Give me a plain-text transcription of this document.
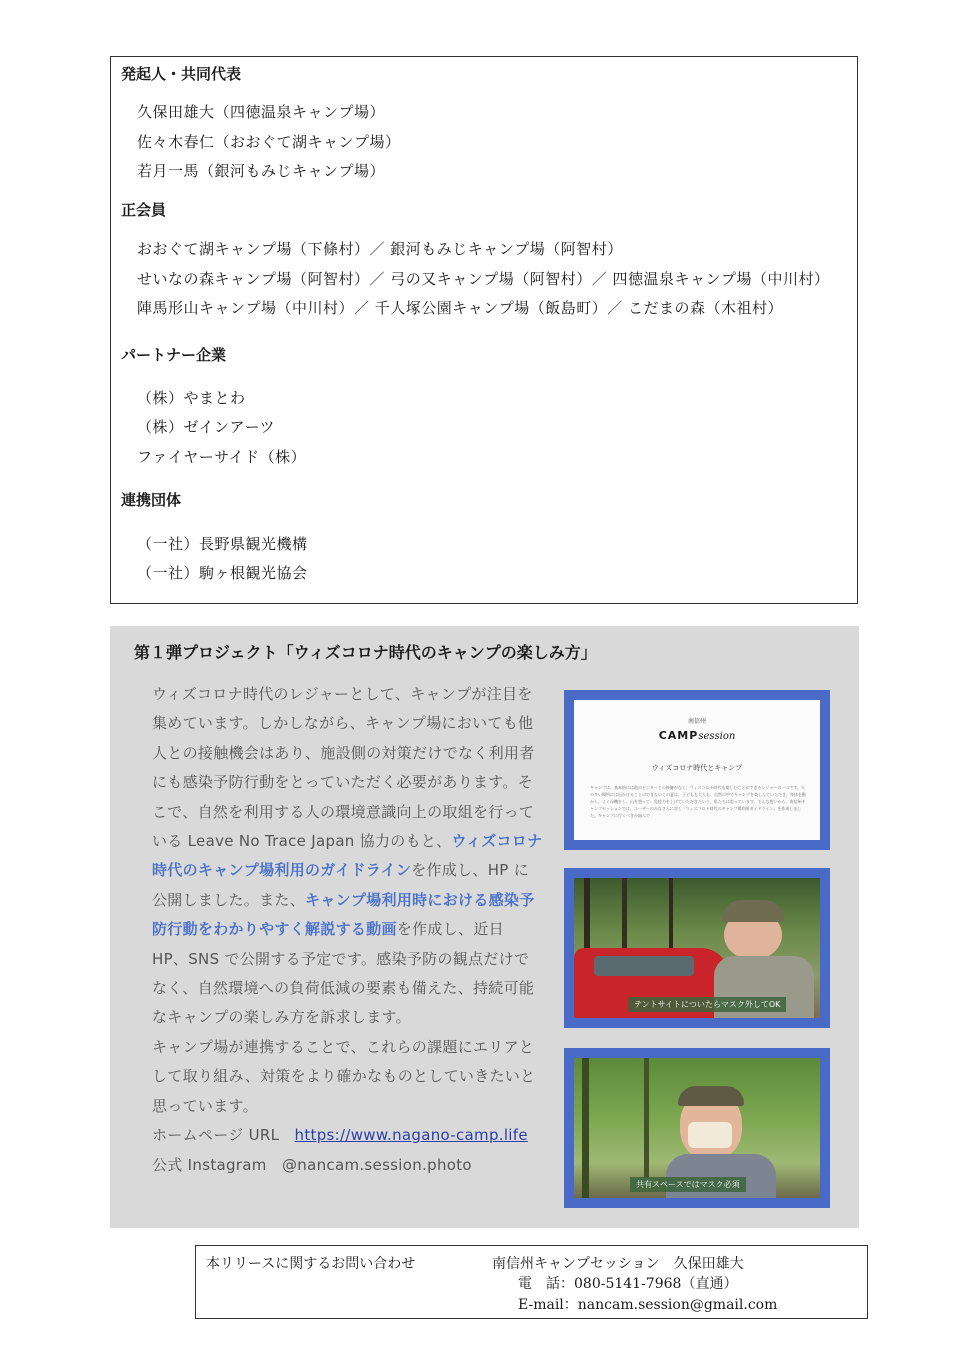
発起人・共同代表
久保田雄大（四徳温泉キャンプ場）
佐々木春仁（おおぐて湖キャンプ場）
若月一馬（銀河もみじキャンプ場）
正会員
おおぐて湖キャンプ場（下條村）／ 銀河もみじキャンプ場（阿智村）
せいなの森キャンプ場（阿智村）／ 弓の又キャンプ場（阿智村）／ 四徳温泉キャンプ場（中川村）
陣馬形山キャンプ場（中川村）／ 千人塚公園キャンプ場（飯島町）／ こだまの森（木祖村）
パートナー企業
（株）やまとわ
（株）ゼインアーツ
ファイヤーサイド（株）
連携団体
（一社）長野県観光機構
（一社）駒ヶ根観光協会
第１弾プロジェクト「ウィズコロナ時代のキャンプの楽しみ方」

ウィズコロナ時代のレジャーとして、キャンプが注目を集めています。しかしながら、キャンプ場においても他人との接触機会はあり、施設側の対策だけでなく利用者にも感染予防行動をとっていただく必要があります。そこで、自然を利用する人の環境意識向上の取組を行っている Leave No Trace Japan 協力のもと、ウィズコロナ時代のキャンプ場利用のガイドラインを作成し、HP に公開しました。また、キャンプ場利用時における感染予防行動をわかりやすく解説する動画を作成し、近日 HP、SNS で公開する予定です。感染予防の観点だけでなく、自然環境への負荷低減の要素も備えた、持続可能なキャンプの楽しみ方を訴求します。

キャンプ場が連携することで、これらの課題にエリアとして取り組み、対策をより確かなものとしていきたいと思っています。

ホームページ URL　 https://www.nagano-camp.life

公式 Instagram　 @nancam.session.photo

南信州
CAMPsession
ウィズコロナ時代とキャンプ
キャンプは、基本的には他のビジターとの接触がなく、ウィズコロナ時代も楽しむことができるレジャーの一つです。人の多い場所には出かけることのできないこの夏は、子どもも大人も、自然の中でキャンプを楽しんでいただき、身体を動かし、よく母機をし、山を想って、免疫力を上げていただきたいと、私たちは思っています。そんな想いから、南信州キャンプセッションでは、ユーザーのみなさんに対し「ウィズコロナ時代のキャンプ場利用ガイドライン」を作成しました。キャンプに行くべきか悩んで
テントサイトについたらマスク外してOK
共有スペースではマスク必須
本リリースに関するお問い合わせ	南信州キャンプセッション　久保田雄大
電　話：080-5141-7968（直通）
E-mail：nancam.session@gmail.com
